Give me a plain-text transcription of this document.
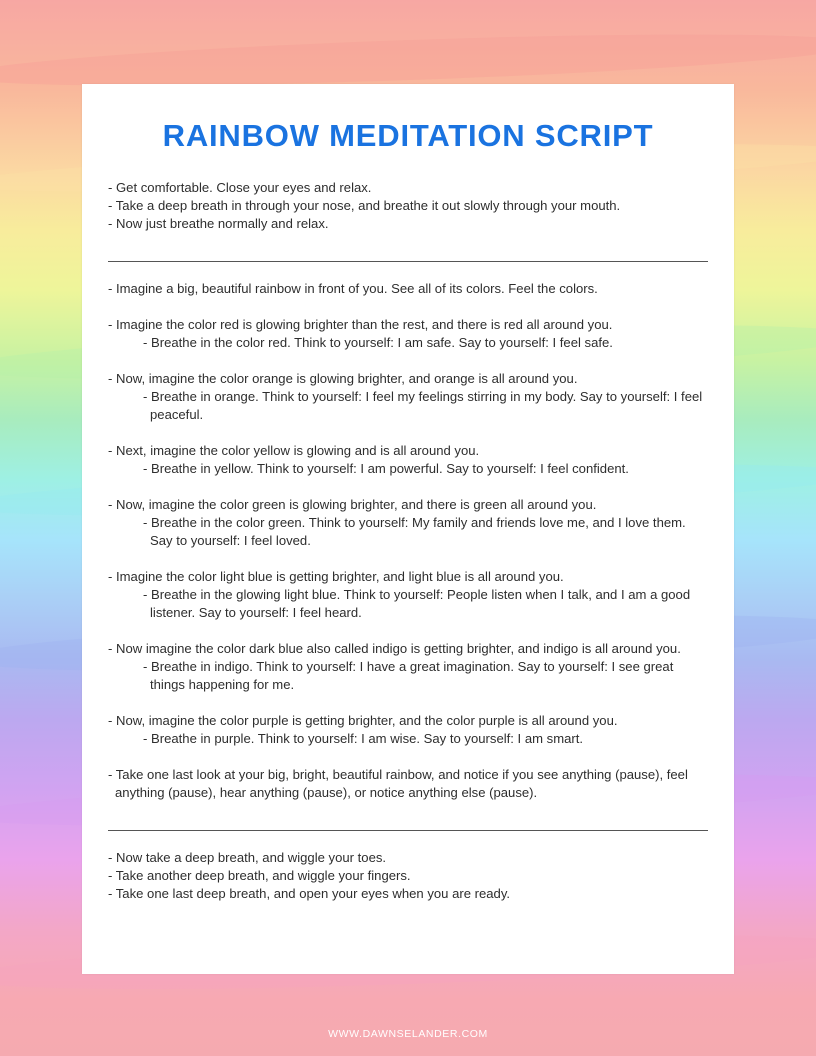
RAINBOW MEDITATION SCRIPT
- Get comfortable. Close your eyes and relax.
- Take a deep breath in through your nose, and breathe it out slowly through your mouth.
- Now just breathe normally and relax.
- Imagine a big, beautiful rainbow in front of you. See all of its colors. Feel the colors.
- Imagine the color red is glowing brighter than the rest, and there is red all around you.
- Breathe in the color red. Think to yourself: I am safe. Say to yourself: I feel safe.
- Now, imagine the color orange is glowing brighter, and orange is all around you.
- Breathe in orange. Think to yourself: I feel my feelings stirring in my body. Say to yourself: I feel peaceful.
- Next, imagine the color yellow is glowing and is all around you.
- Breathe in yellow. Think to yourself: I am powerful. Say to yourself: I feel confident.
- Now, imagine the color green is glowing brighter, and there is green all around you.
- Breathe in the color green. Think to yourself: My family and friends love me, and I love them. Say to yourself: I feel loved.
- Imagine the color light blue is getting brighter, and light blue is all around you.
- Breathe in the glowing light blue. Think to yourself: People listen when I talk, and I am a good listener. Say to yourself: I feel heard.
- Now imagine the color dark blue also called indigo is getting brighter, and indigo is all around you.
- Breathe in indigo. Think to yourself: I have a great imagination. Say to yourself: I see great things happening for me.
- Now, imagine the color purple is getting brighter, and the color purple is all around you.
- Breathe in purple. Think to yourself: I am wise. Say to yourself: I am smart.
- Take one last look at your big, bright, beautiful rainbow, and notice if you see anything (pause), feel anything (pause), hear anything (pause), or notice anything else (pause).
- Now take a deep breath, and wiggle your toes.
- Take another deep breath, and wiggle your fingers.
- Take one last deep breath, and open your eyes when you are ready.
WWW.DAWNSELANDER.COM
